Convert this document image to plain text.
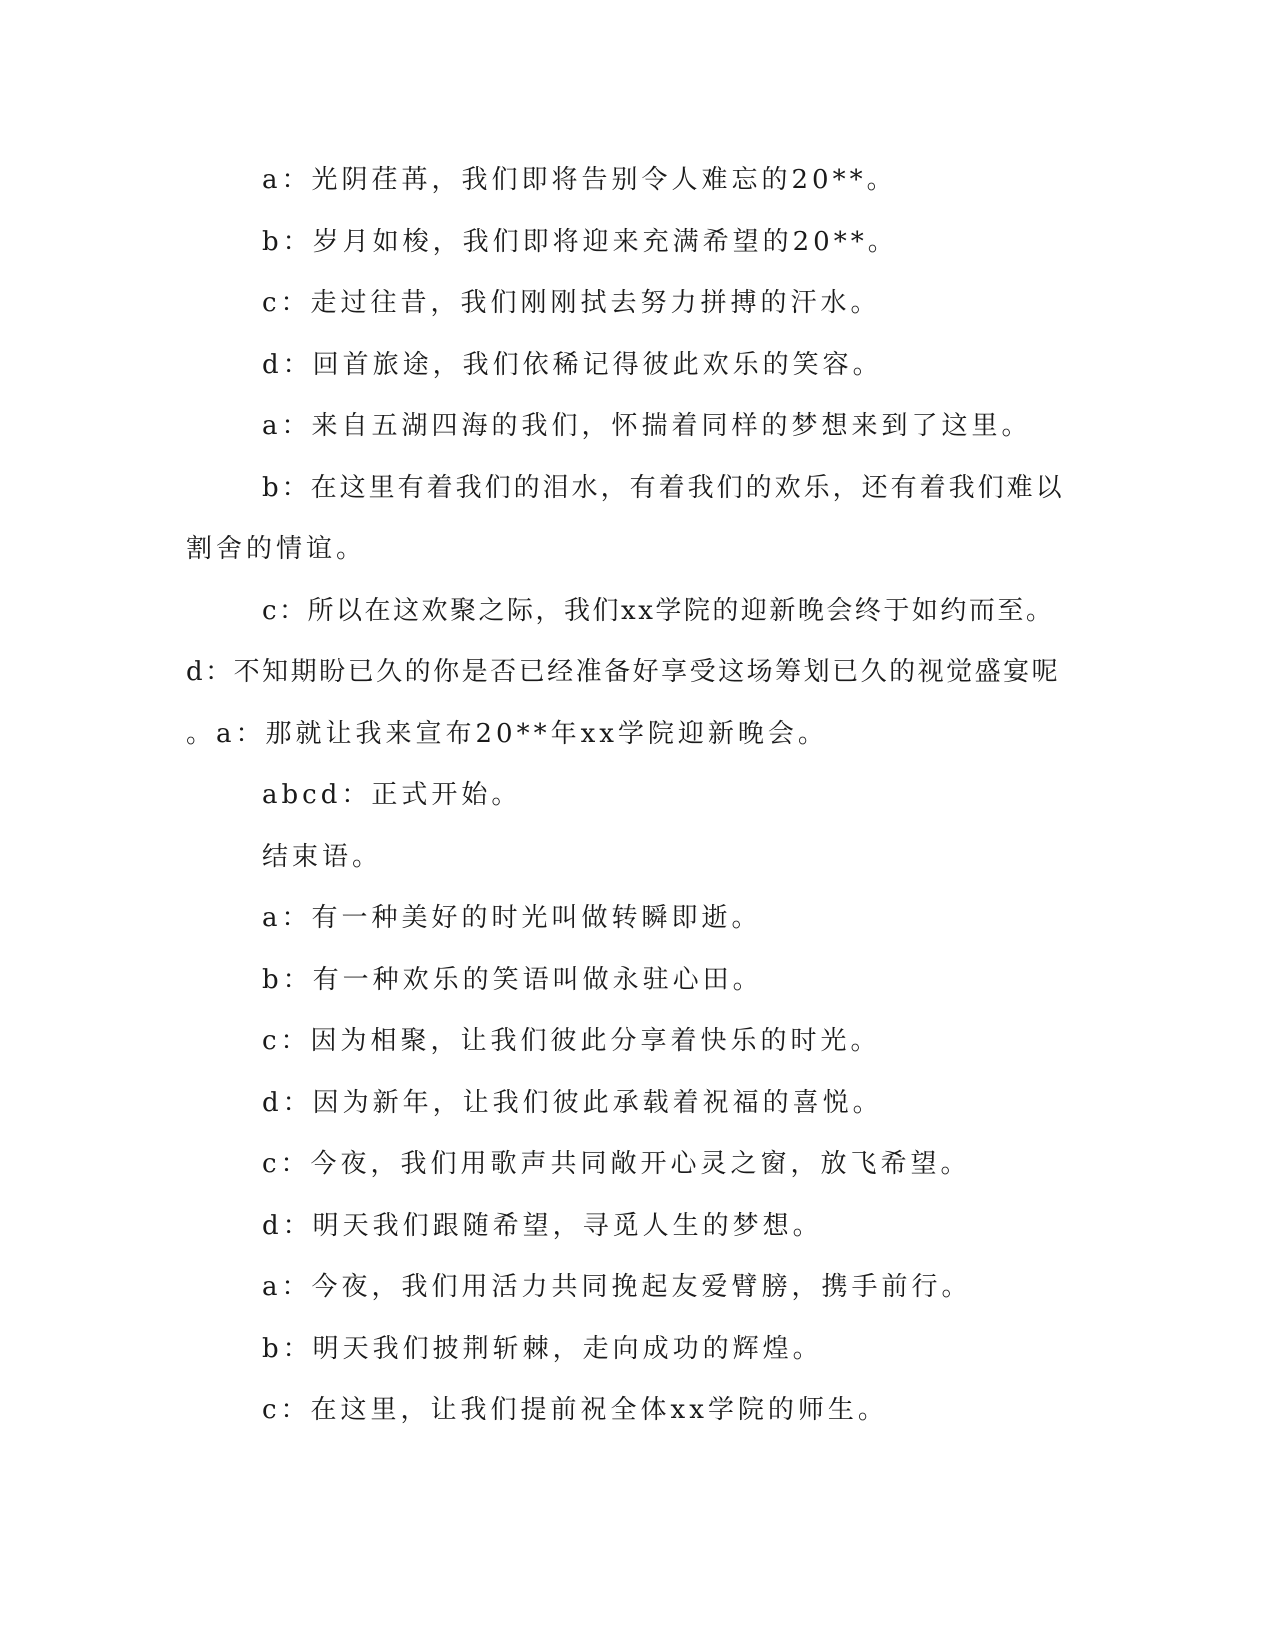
a：光阴荏苒，我们即将告别令人难忘的20**。
b：岁月如梭，我们即将迎来充满希望的20**。
c：走过往昔，我们刚刚拭去努力拼搏的汗水。
d：回首旅途，我们依稀记得彼此欢乐的笑容。
a：来自五湖四海的我们，怀揣着同样的梦想来到了这里。
b：在这里有着我们的泪水，有着我们的欢乐，还有着我们难以
割舍的情谊。
c：所以在这欢聚之际，我们xx学院的迎新晚会终于如约而至。
d：不知期盼已久的你是否已经准备好享受这场筹划已久的视觉盛宴呢
。a：那就让我来宣布20**年xx学院迎新晚会。
abcd：正式开始。
结束语。
a：有一种美好的时光叫做转瞬即逝。
b：有一种欢乐的笑语叫做永驻心田。
c：因为相聚，让我们彼此分享着快乐的时光。
d：因为新年，让我们彼此承载着祝福的喜悦。
c：今夜，我们用歌声共同敞开心灵之窗，放飞希望。
d：明天我们跟随希望，寻觅人生的梦想。
a：今夜，我们用活力共同挽起友爱臂膀，携手前行。
b：明天我们披荆斩棘，走向成功的辉煌。
c：在这里，让我们提前祝全体xx学院的师生。
